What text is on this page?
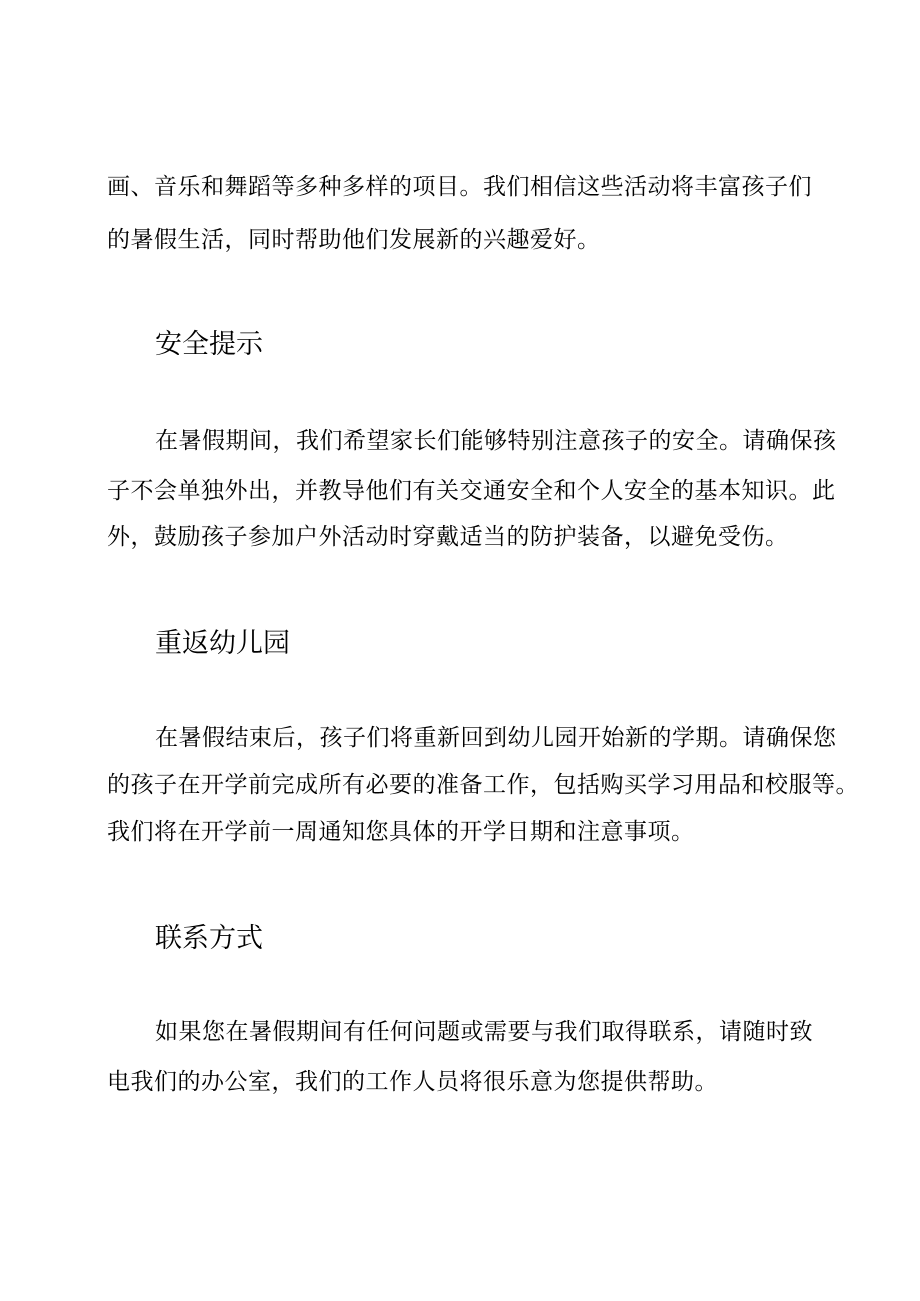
画、音乐和舞蹈等多种多样的项目。我们相信这些活动将丰富孩子们
的暑假生活，同时帮助他们发展新的兴趣爱好。
安全提示
在暑假期间，我们希望家长们能够特别注意孩子的安全。请确保孩
子不会单独外出，并教导他们有关交通安全和个人安全的基本知识。此
外，鼓励孩子参加户外活动时穿戴适当的防护装备，以避免受伤。
重返幼儿园
在暑假结束后，孩子们将重新回到幼儿园开始新的学期。请确保您
的孩子在开学前完成所有必要的准备工作，包括购买学习用品和校服等。
我们将在开学前一周通知您具体的开学日期和注意事项。
联系方式
如果您在暑假期间有任何问题或需要与我们取得联系，请随时致
电我们的办公室，我们的工作人员将很乐意为您提供帮助。
